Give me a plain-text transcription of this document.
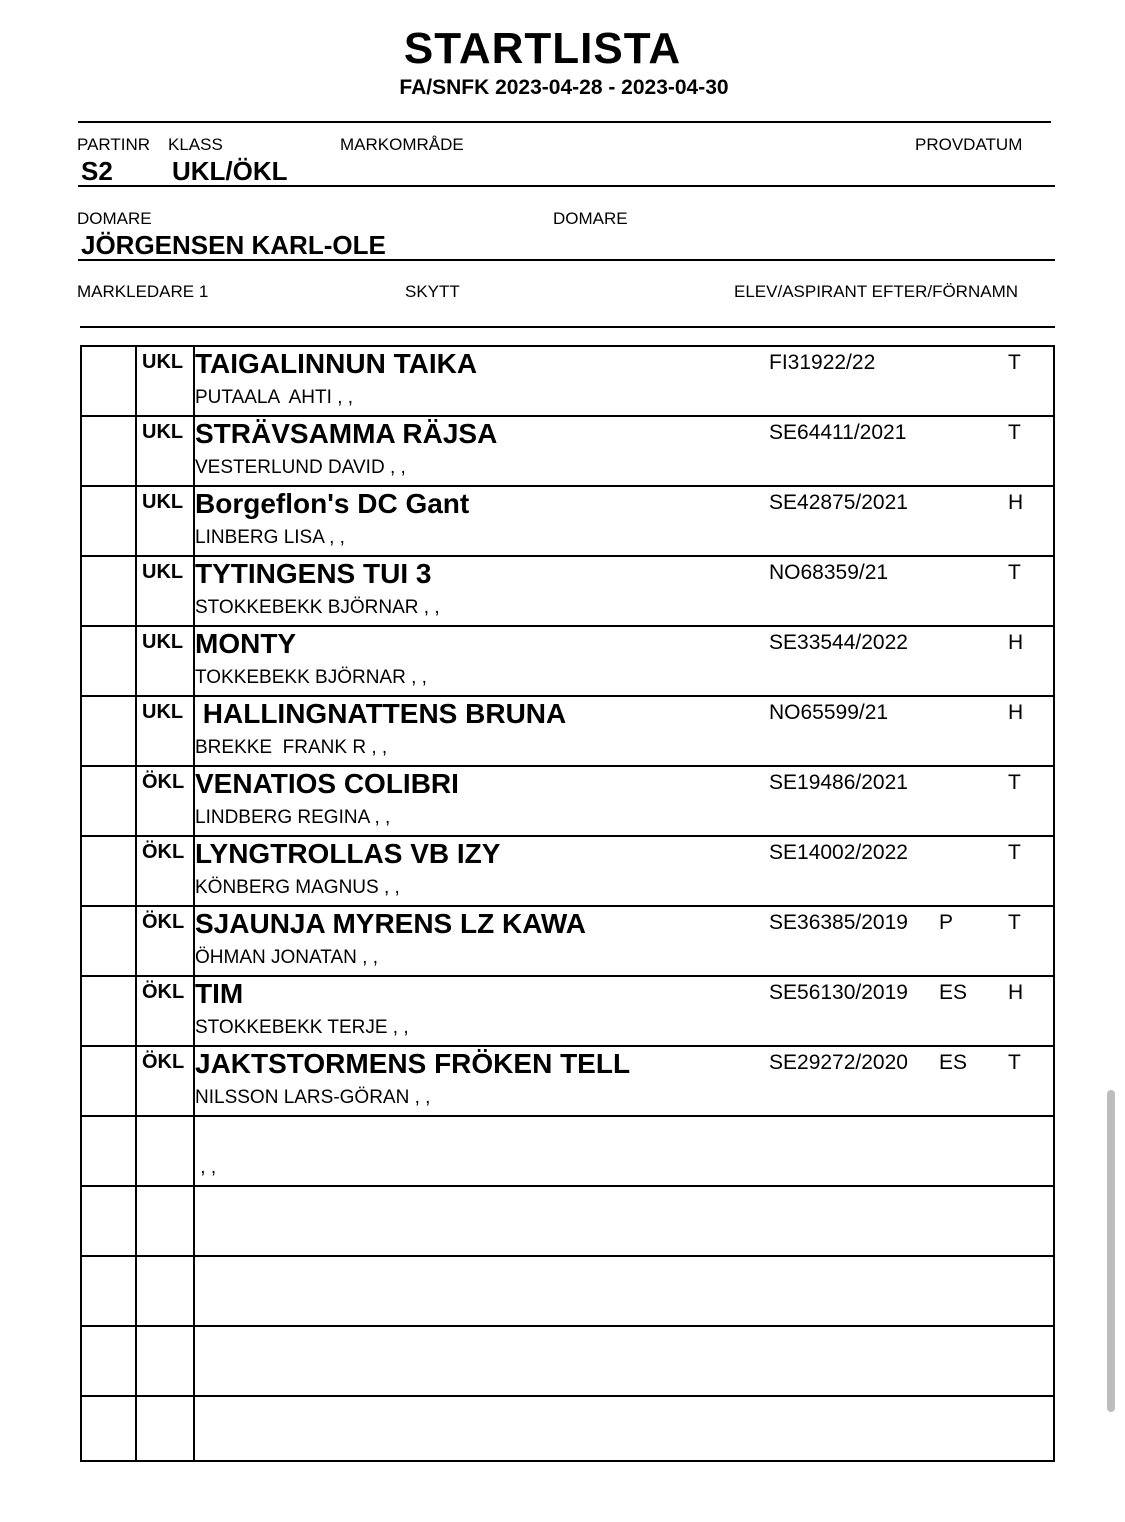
STARTLISTA
FA/SNFK 2023-04-28 - 2023-04-30
PARTINR KLASS	MARKOMRÅDE	PROVDATUM
S2 UKL/ÖKL
DOMARE	DOMARE
JÖRGENSEN KARL-OLE
MARKLEDARE 1	SKYTT	ELEV/ASPIRANT EFTER/FÖRNAMN
UKL TAIGALINNUN TAIKA
PUTAALA  AHTI , ,
FI31922/22	T
UKL STRÄVSAMMA RÄJSA
VESTERLUND DAVID , ,
SE64411/2021	T
UKL Borgeflon's DC Gant
LINBERG LISA , ,
SE42875/2021	H
UKL TYTINGENS TUI 3
STOKKEBEKK BJÖRNAR , ,
NO68359/21	T
UKL MONTY
TOKKEBEKK BJÖRNAR , ,
SE33544/2022	H
UKL HALLINGNATTENS BRUNA
BREKKE  FRANK R , ,
NO65599/21	H
ÖKL VENATIOS COLIBRI
LINDBERG REGINA , ,
SE19486/2021	T
ÖKL LYNGTROLLAS VB IZY
KÖNBERG MAGNUS , ,
SE14002/2022	T
ÖKL SJAUNJA MYRENS LZ KAWA
ÖHMAN JONATAN , ,
SE36385/2019 P	T
ÖKL TIM
STOKKEBEKK TERJE , ,
SE56130/2019 ES H
ÖKL JAKTSTORMENS FRÖKEN TELL
NILSSON LARS-GÖRAN , ,
SE29272/2020 ES T
, ,
